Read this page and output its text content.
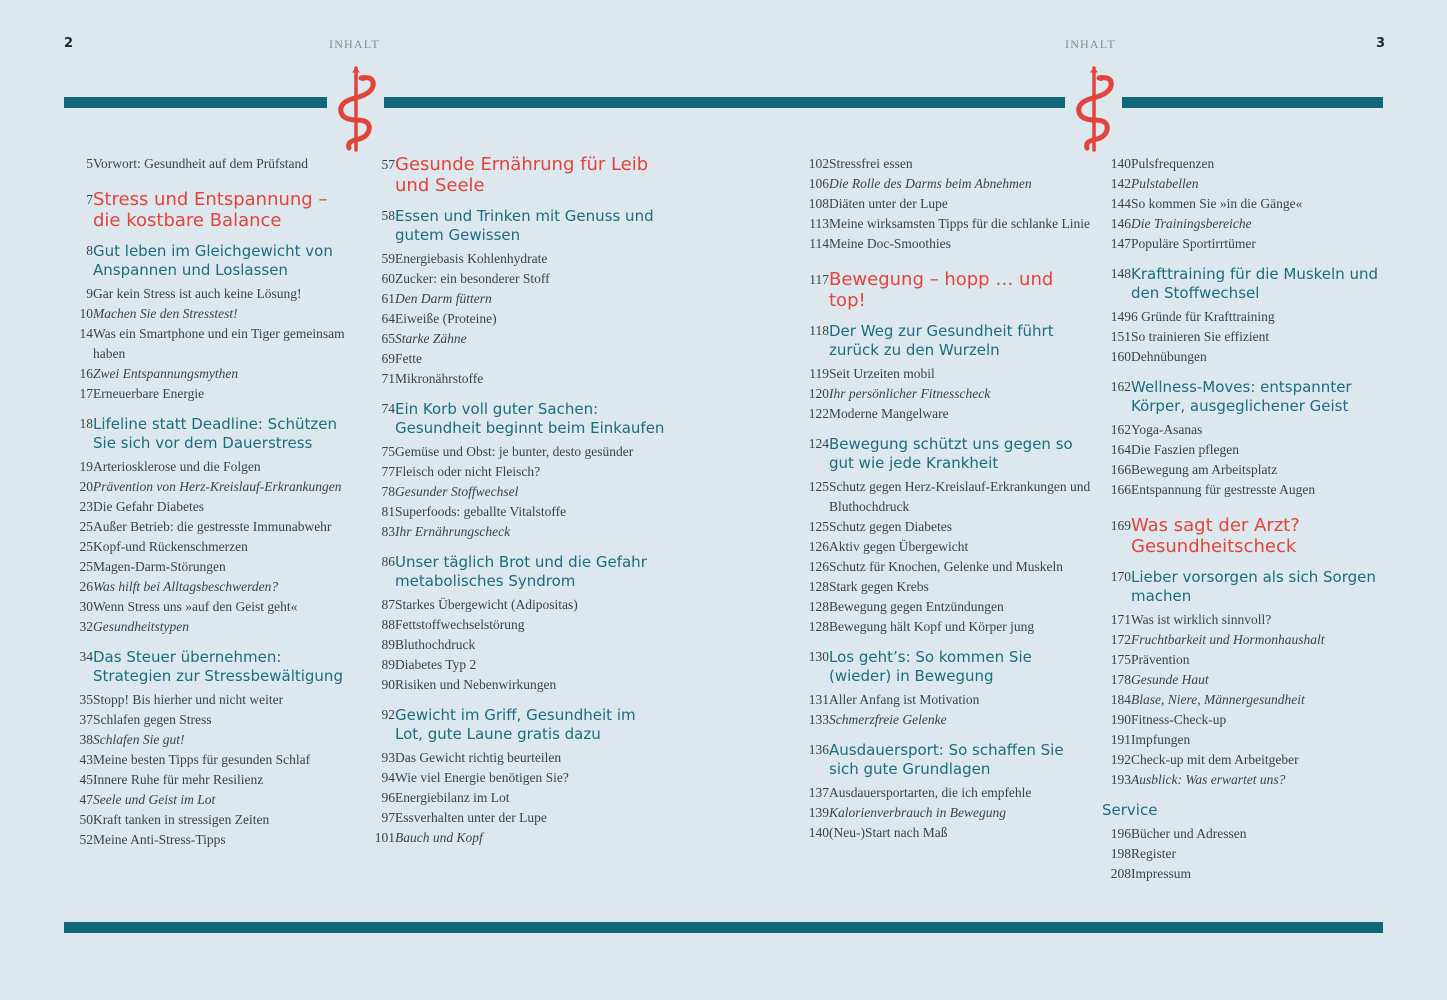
2	3
INHALT	INHALT
5 Vorwort: Gesundheit auf dem Prüfstand
7 Stress und Entspannung – die kostbare Balance
8 Gut leben im Gleichgewicht von Anspannen und Loslassen
9 Gar kein Stress ist auch keine Lösung!
10 Machen Sie den Stresstest!
14 Was ein Smartphone und ein Tiger gemeinsam haben
16 Zwei Entspannungsmythen
17 Erneuerbare Energie
18 Lifeline statt Deadline: Schützen Sie sich vor dem Dauerstress
19 Arteriosklerose und die Folgen
20 Prävention von Herz-Kreislauf-Erkrankungen
23 Die Gefahr Diabetes
25 Außer Betrieb: die gestresste Immunabwehr
25 Kopf-und Rückenschmerzen
25 Magen-Darm-Störungen
26 Was hilft bei Alltagsbeschwerden?
30 Wenn Stress uns »auf den Geist geht«
32 Gesundheitstypen
34 Das Steuer übernehmen: Strategien zur Stressbewältigung
35 Stopp! Bis hierher und nicht weiter
37 Schlafen gegen Stress
38 Schlafen Sie gut!
43 Meine besten Tipps für gesunden Schlaf
45 Innere Ruhe für mehr Resilienz
47 Seele und Geist im Lot
50 Kraft tanken in stressigen Zeiten
52 Meine Anti-Stress-Tipps
57 Gesunde Ernährung für Leib und Seele
58 Essen und Trinken mit Genuss und gutem Gewissen
59 Energiebasis Kohlenhydrate
60 Zucker: ein besonderer Stoff
61 Den Darm füttern
64 Eiweiße (Proteine)
65 Starke Zähne
69 Fette
71 Mikronährstoffe
74 Ein Korb voll guter Sachen: Gesundheit beginnt beim Einkaufen
75 Gemüse und Obst: je bunter, desto gesünder
77 Fleisch oder nicht Fleisch?
78 Gesunder Stoffwechsel
81 Superfoods: geballte Vitalstoffe
83 Ihr Ernährungscheck
86 Unser täglich Brot und die Gefahr metabolisches Syndrom
87 Starkes Übergewicht (Adipositas)
88 Fettstoffwechselstörung
89 Bluthochdruck
89 Diabetes Typ 2
90 Risiken und Nebenwirkungen
92 Gewicht im Griff, Gesundheit im Lot, gute Laune gratis dazu
93 Das Gewicht richtig beurteilen
94 Wie viel Energie benötigen Sie?
96 Energiebilanz im Lot
97 Essverhalten unter der Lupe
101 Bauch und Kopf
102 Stressfrei essen
106 Die Rolle des Darms beim Abnehmen
108 Diäten unter der Lupe
113 Meine wirksamsten Tipps für die schlanke Linie
114 Meine Doc-Smoothies
117 Bewegung – hopp … und top!
118 Der Weg zur Gesundheit führt zurück zu den Wurzeln
119 Seit Urzeiten mobil
120 Ihr persönlicher Fitnesscheck
122 Moderne Mangelware
124 Bewegung schützt uns gegen so gut wie jede Krankheit
125 Schutz gegen Herz-Kreislauf-Erkrankungen und Bluthochdruck
125 Schutz gegen Diabetes
126 Aktiv gegen Übergewicht
126 Schutz für Knochen, Gelenke und Muskeln
128 Stark gegen Krebs
128 Bewegung gegen Entzündungen
128 Bewegung hält Kopf und Körper jung
130 Los geht’s: So kommen Sie (wieder) in Bewegung
131 Aller Anfang ist Motivation
133 Schmerzfreie Gelenke
136 Ausdauersport: So schaffen Sie sich gute Grundlagen
137 Ausdauersportarten, die ich empfehle
139 Kalorienverbrauch in Bewegung
140 (Neu-)Start nach Maß
140 Pulsfrequenzen
142 Pulstabellen
144 So kommen Sie »in die Gänge«
146 Die Trainingsbereiche
147 Populäre Sportirrtümer
148 Krafttraining für die Muskeln und den Stoffwechsel
149 6 Gründe für Krafttraining
151 So trainieren Sie effizient
160 Dehnübungen
162 Wellness-Moves: entspannter Körper, ausgeglichener Geist
162 Yoga-Asanas
164 Die Faszien pflegen
166 Bewegung am Arbeitsplatz
166 Entspannung für gestresste Augen
169 Was sagt der Arzt? Gesundheitscheck
170 Lieber vorsorgen als sich Sorgen machen
171 Was ist wirklich sinnvoll?
172 Fruchtbarkeit und Hormonhaushalt
175 Prävention
178 Gesunde Haut
184 Blase, Niere, Männergesundheit
190 Fitness-Check-up
191 Impfungen
192 Check-up mit dem Arbeitgeber
193 Ausblick: Was erwartet uns?
Service
196 Bücher und Adressen
198 Register
208 Impressum
